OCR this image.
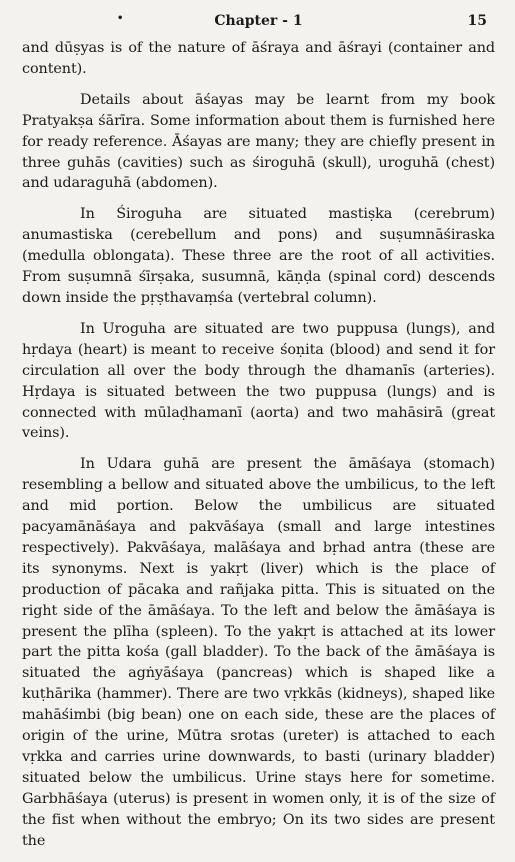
•	Chapter - 1	15

and dūṣyas is of the nature of āśraya and āśrayi (container and content).

Details about āśayas may be learnt from my book Pratyakṣa śārīra. Some information about them is furnished here for ready reference. Āśayas are many; they are chiefly present in three guhās (cavities) such as śiroguhā (skull), uroguhā (chest) and udaraguhā (abdomen).

In Śiroguha are situated mastiṣka (cerebrum) anumastiska (cerebellum and pons) and suṣumnāśiraska (medulla oblongata). These three are the root of all activities. From suṣumnā śīrṣaka, susumnā, kāṇḍa (spinal cord) descends down inside the pṛṣthavaṃśa (vertebral column).

In Uroguha are situated are two puppusa (lungs), and hṛdaya (heart) is meant to receive śoṇita (blood) and send it for circulation all over the body through the dhamanīs (arteries). Hṛdaya is situated between the two puppusa (lungs) and is connected with mūlaḍhamanī (aorta) and two mahāsirā (great veins).

In Udara guhā are present the āmāśaya (stomach) resembling a bellow and situated above the umbilicus, to the left and mid portion. Below the umbilicus are situated pacyamānāśaya and pakvāśaya (small and large intestines respectively). Pakvāśaya, malāśaya and bṛhad antra (these are its synonyms. Next is yakṛt (liver) which is the place of production of pācaka and rañjaka pitta. This is situated on the right side of the āmāśaya. To the left and below the āmāśaya is present the plīha (spleen). To the yakṛt is attached at its lower part the pitta kośa (gall bladder). To the back of the āmāśaya is situated the agṅyāśaya (pancreas) which is shaped like a kuṭhārika (hammer). There are two vṛkkās (kidneys), shaped like mahāśimbi (big bean) one on each side, these are the places of origin of the urine, Mūtra srotas (ureter) is attached to each vṛkka and carries urine downwards, to basti (urinary bladder) situated below the umbilicus. Urine stays here for sometime. Garbhāśaya (uterus) is present in women only, it is of the size of the fist when without the embryo; On its two sides are present the
